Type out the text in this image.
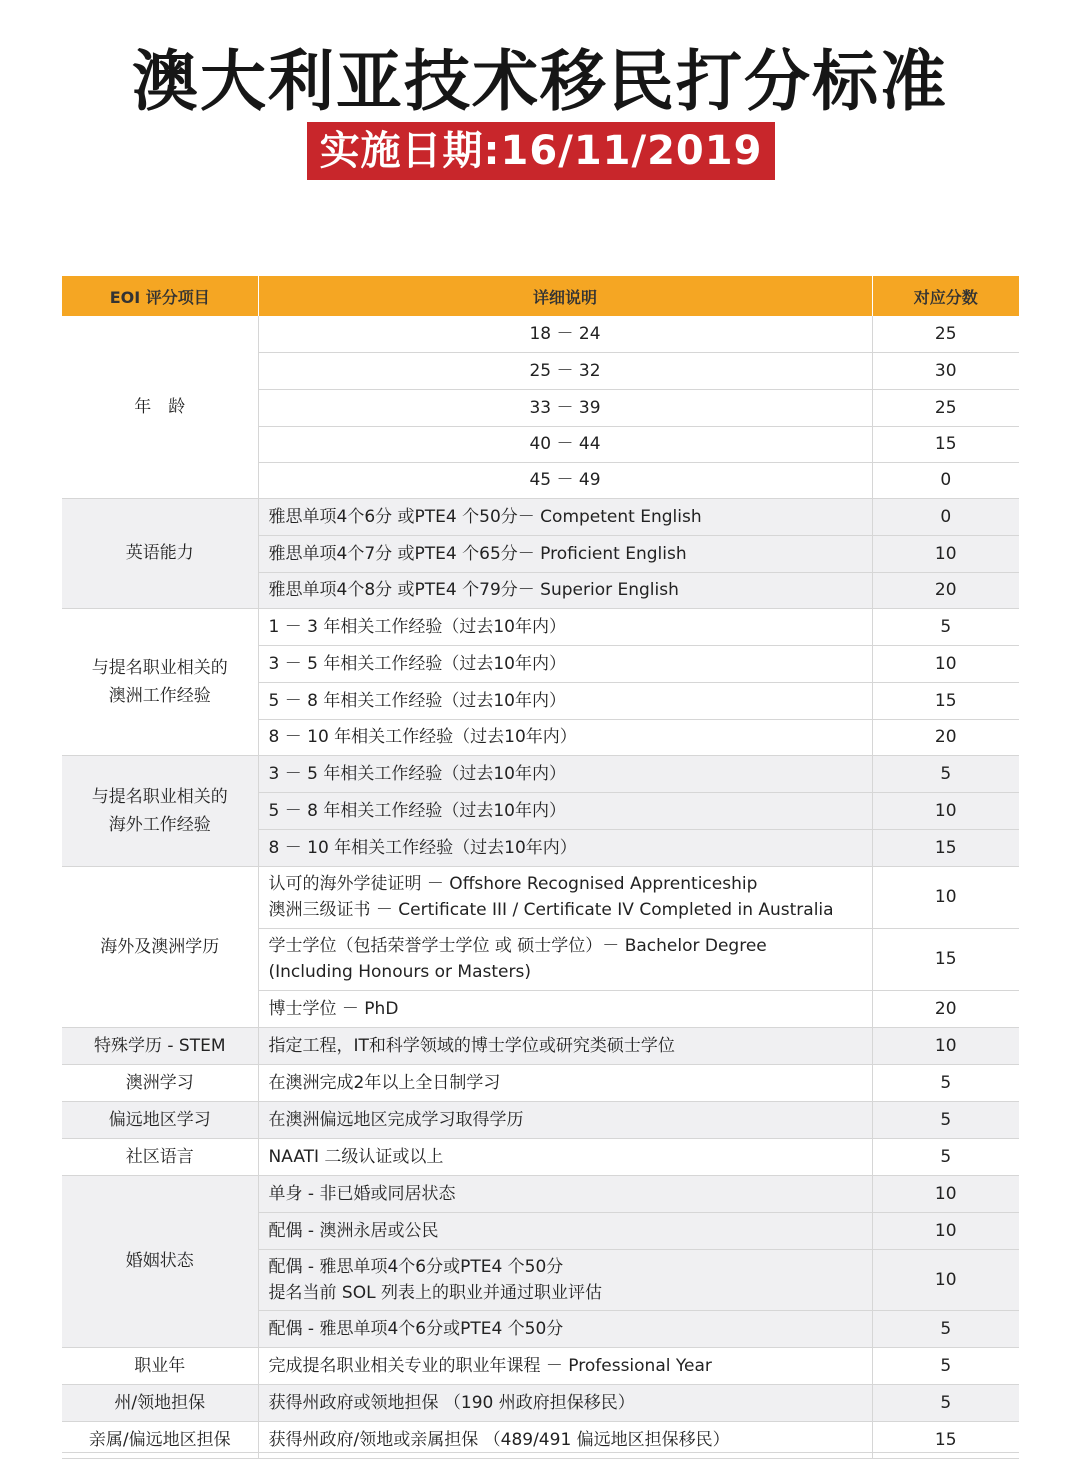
澳大利亚技术移民打分标准
实施日期:16/11/2019
EOI 评分项目	详细说明	对应分数
年　龄	18 － 24	25
	25 － 32	30
	33 － 39	25
	40 － 44	15
	45 － 49	0
英语能力	雅思单项4个6分 或PTE4 个50分－ Competent English	0
	雅思单项4个7分 或PTE4 个65分－ Proficient English	10
	雅思单项4个8分 或PTE4 个79分－ Superior English	20
与提名职业相关的
澳洲工作经验	1 － 3 年相关工作经验（过去10年内）	5
	3 － 5 年相关工作经验（过去10年内）	10
	5 － 8 年相关工作经验（过去10年内）	15
	8 － 10 年相关工作经验（过去10年内）	20
与提名职业相关的
海外工作经验	3 － 5 年相关工作经验（过去10年内）	5
	5 － 8 年相关工作经验（过去10年内）	10
	8 － 10 年相关工作经验（过去10年内）	15
海外及澳洲学历	认可的海外学徒证明 － Offshore Recognised Apprenticeship
澳洲三级证书 － Certificate III / Certificate IV Completed in Australia	10
	学士学位（包括荣誉学士学位 或 硕士学位）－ Bachelor Degree
(Including Honours or Masters)	15
	博士学位 － PhD	20
特殊学历 - STEM	指定工程，IT和科学领域的博士学位或研究类硕士学位	10
澳洲学习	在澳洲完成2年以上全日制学习	5
偏远地区学习	在澳洲偏远地区完成学习取得学历	5
社区语言	NAATI 二级认证或以上	5
婚姻状态	单身 - 非已婚或同居状态	10
	配偶 - 澳洲永居或公民	10
	配偶 - 雅思单项4个6分或PTE4 个50分
提名当前 SOL 列表上的职业并通过职业评估	10
	配偶 - 雅思单项4个6分或PTE4 个50分	5
职业年	完成提名职业相关专业的职业年课程 － Professional Year	5
州/领地担保	获得州政府或领地担保 （190 州政府担保移民）	5
亲属/偏远地区担保	获得州政府/领地或亲属担保 （489/491 偏远地区担保移民）	15
